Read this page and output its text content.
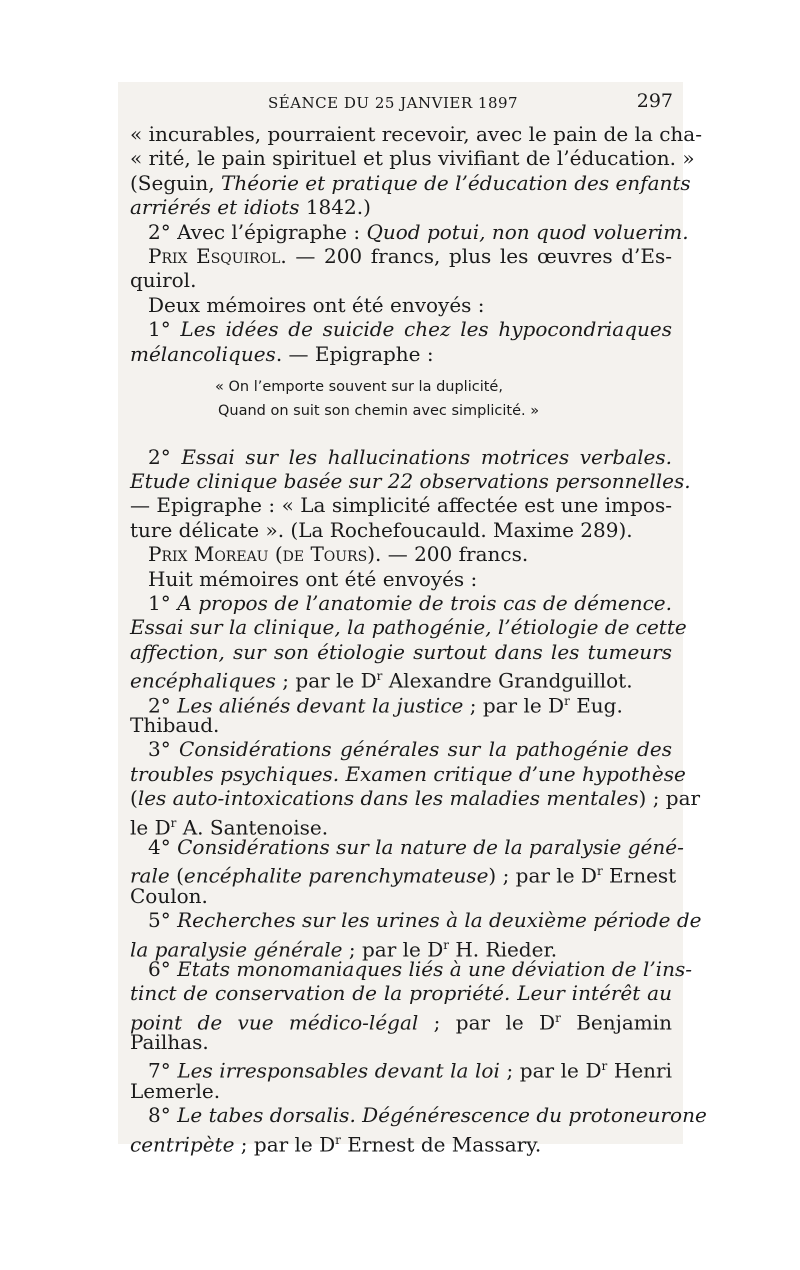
SÉANCE DU 25 JANVIER 1897	297
« incurables, pourraient recevoir, avec le pain de la cha-
« rité, le pain spirituel et plus vivifiant de l’éducation. »
(Seguin, Théorie et pratique de l’éducation des enfants
arriérés et idiots 1842.)
2° Avec l’épigraphe : Quod potui, non quod voluerim.
Prix Esquirol. — 200 francs, plus les œuvres d’Es-
quirol.
Deux mémoires ont été envoyés :
1° Les idées de suicide chez les hypocondriaques
mélancoliques. — Epigraphe :
« On l’emporte souvent sur la duplicité,
Quand on suit son chemin avec simplicité. »
2° Essai sur les hallucinations motrices verbales.
Etude clinique basée sur 22 observations personnelles.
— Epigraphe : « La simplicité affectée est une impos-
ture délicate ». (La Rochefoucauld. Maxime 289).
Prix Moreau (de Tours). — 200 francs.
Huit mémoires ont été envoyés :
1° A propos de l’anatomie de trois cas de démence.
Essai sur la clinique, la pathogénie, l’étiologie de cette
affection, sur son étiologie surtout dans les tumeurs
encéphaliques ; par le $D^r$ Alexandre Grandguillot.
2° Les aliénés devant la justice ; par le $D^r$ Eug.
Thibaud.
3° Considérations générales sur la pathogénie des
troubles psychiques. Examen critique d’une hypothèse
(les auto-intoxications dans les maladies mentales) ; par
le $D^r$ A. Santenoise.
4° Considérations sur la nature de la paralysie géné-
rale (encéphalite parenchymateuse) ; par le $D^r$ Ernest
Coulon.
5° Recherches sur les urines à la deuxième période de
la paralysie générale ; par le $D^r$ H. Rieder.
6° Etats monomaniaques liés à une déviation de l’ins-
tinct de conservation de la propriété. Leur intérêt au
point de vue médico-légal ; par le $D^r$ Benjamin
Pailhas.
7° Les irresponsables devant la loi ; par le $D^r$ Henri
Lemerle.
8° Le tabes dorsalis. Dégénérescence du protoneurone
centripète ; par le $D^r$ Ernest de Massary.
